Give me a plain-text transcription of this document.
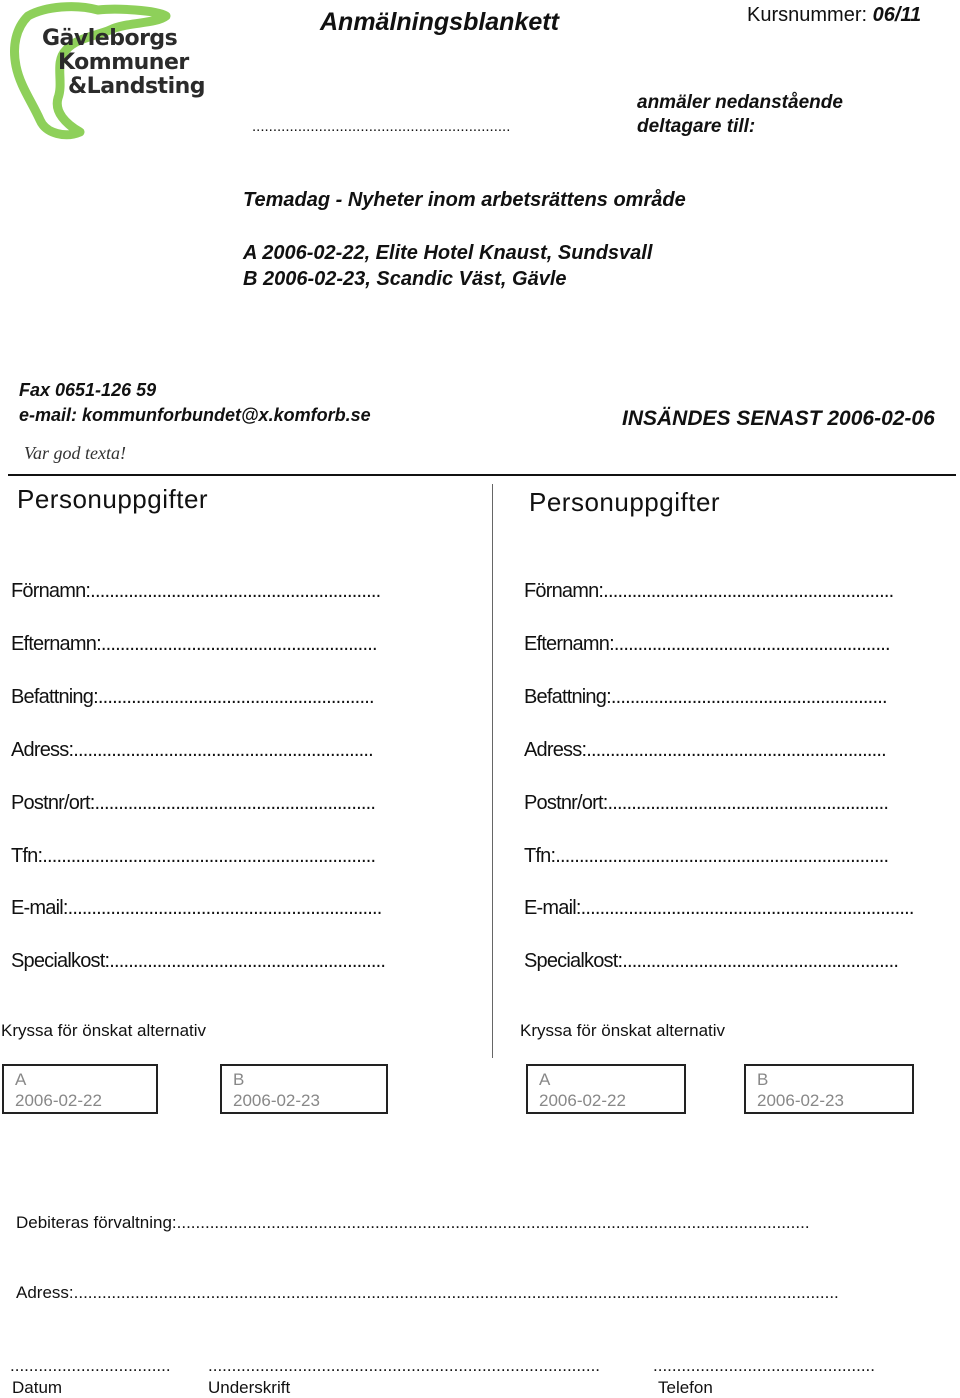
Gävleborgs
Kommuner
&Landsting
Anmälningsblankett	Kursnummer: 06/11
..............................................................
anmäler nedanstående
deltagare till:
Temadag - Nyheter inom arbetsrättens område
A 2006-02-22, Elite Hotel Knaust, Sundsvall
B 2006-02-23, Scandic Väst, Gävle
Fax 0651-126 59
e-mail: kommunforbundet@x.komforb.se	INSÄNDES SENAST 2006-02-06
Var god texta!
Personuppgifter
Förnamn:.............................................................
Efternamn:..........................................................
Befattning:..........................................................
Adress:...............................................................
Postnr/ort:...........................................................
Tfn:......................................................................
E-mail:..................................................................
Specialkost:..........................................................
Kryssa för önskat alternativ
A
2006-02-22
B
2006-02-23
Personuppgifter
Förnamn:.............................................................
Efternamn:..........................................................
Befattning:..........................................................
Adress:...............................................................
Postnr/ort:...........................................................
Tfn:......................................................................
E-mail:......................................................................
Specialkost:..........................................................
Kryssa för önskat alternativ
A
2006-02-22
B
2006-02-23
Debiteras förvaltning:......................................................................................................................................
Adress:..................................................................................................................................................................
..................................	...................................................................................	...............................................
Datum	Underskrift	Telefon
